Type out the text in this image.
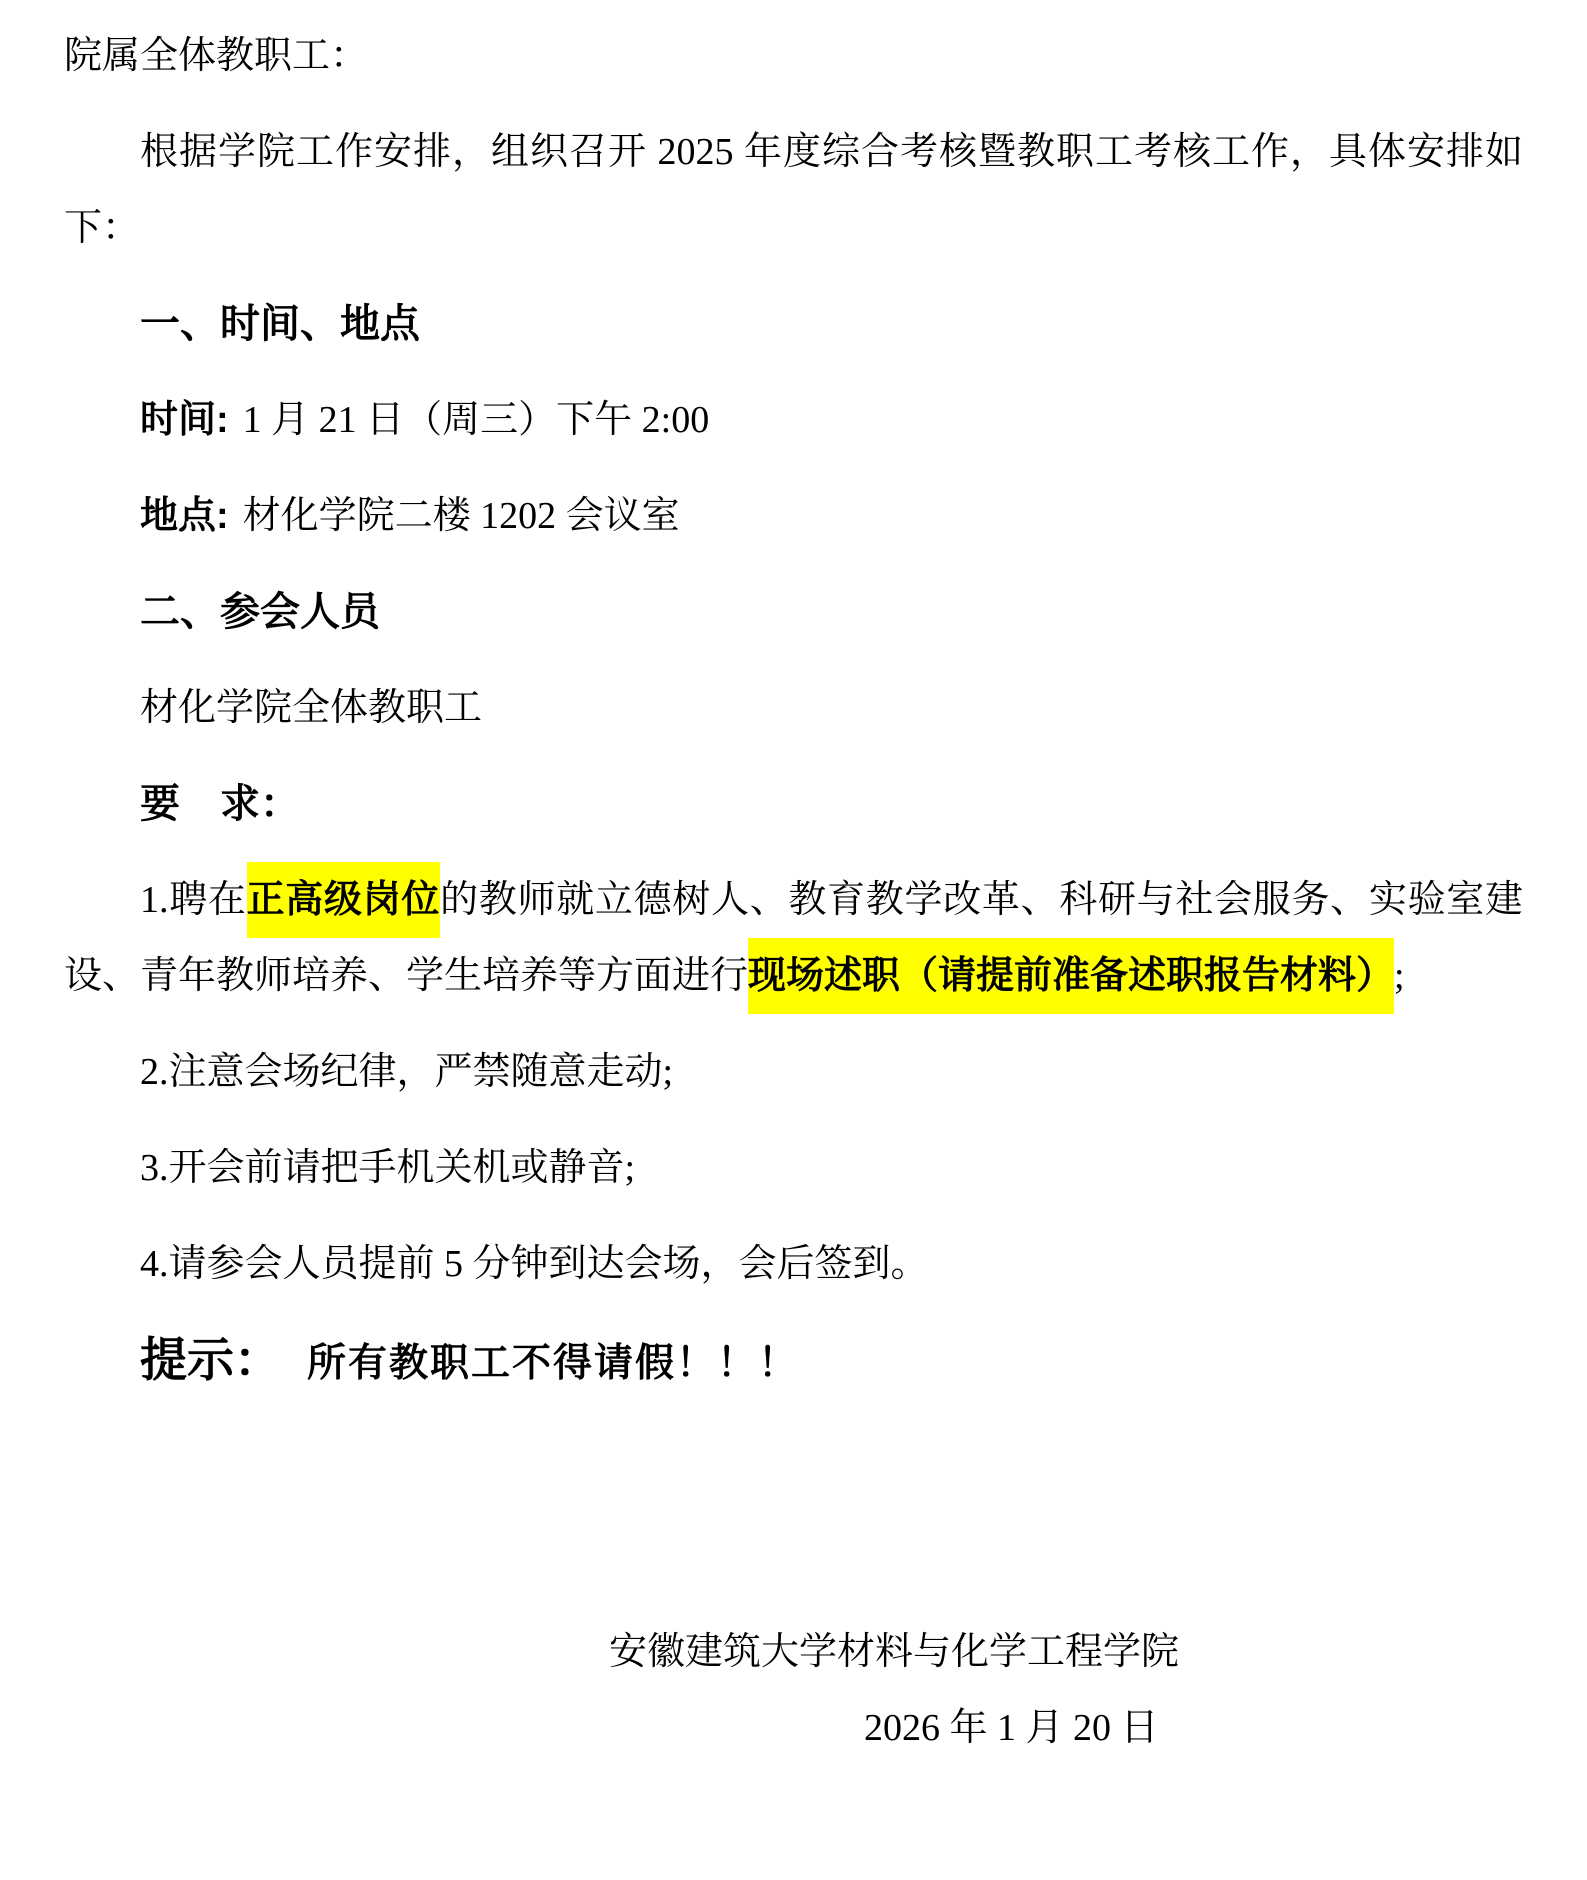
院属全体教职工：

根据学院工作安排，组织召开 2025 年度综合考核暨教职工考核工作，具体安排如下：

一、时间、地点

时间: 1 月 21 日（周三）下午 2:00

地点: 材化学院二楼 1202 会议室

二、参会人员

材化学院全体教职工

要　求：

1.聘在正高级岗位的教师就立德树人、教育教学改革、科研与社会服务、实验室建设、青年教师培养、学生培养等方面进行现场述职（请提前准备述职报告材料）;

2.注意会场纪律，严禁随意走动;

3.开会前请把手机关机或静音;

4.请参会人员提前 5 分钟到达会场，会后签到。

提示： 所有教职工不得请假！！！

安徽建筑大学材料与化学工程学院

2026 年 1 月 20 日
